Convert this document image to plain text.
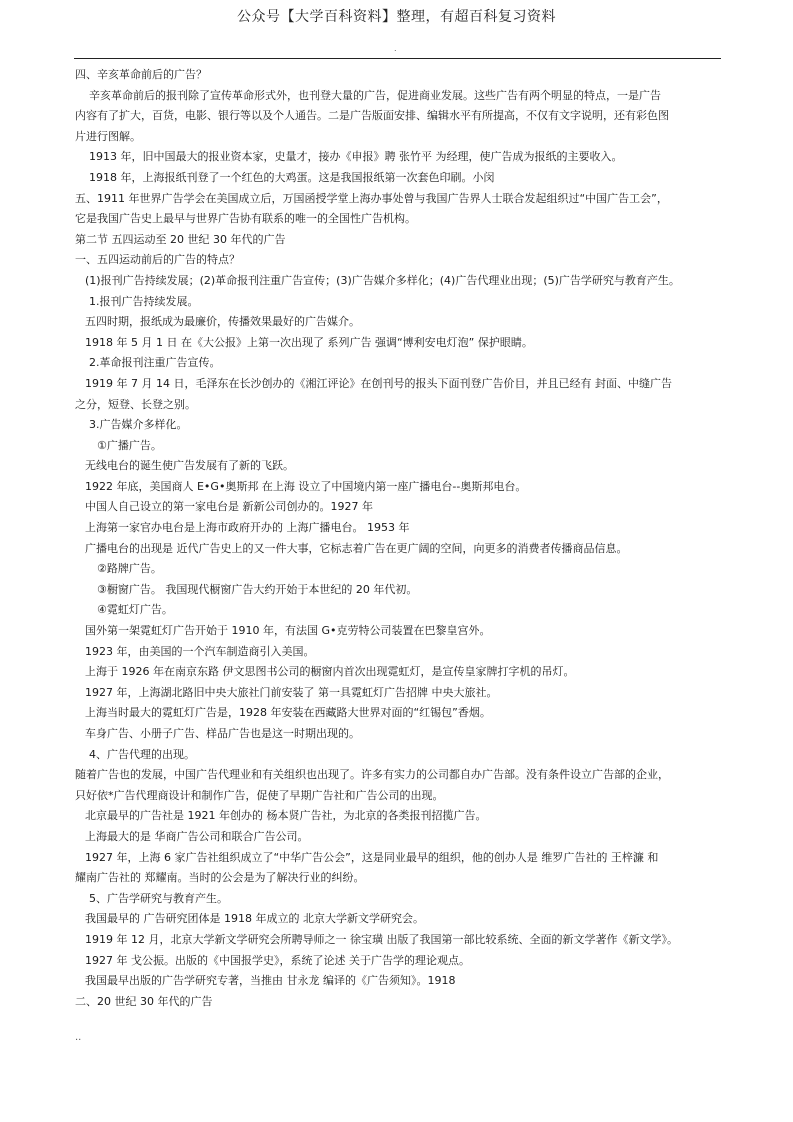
公众号【大学百科资料】整理，有超百科复习资料
.
四、辛亥革命前后的广告？
辛亥革命前后的报刊除了宣传革命形式外，也刊登大量的广告，促进商业发展。这些广告有两个明显的特点，一是广告
内容有了扩大，百货，电影、银行等以及个人通告。二是广告版面安排、编辑水平有所提高，不仅有文字说明，还有彩色图
片进行图解。
1913 年，旧中国最大的报业资本家，史量才，接办《申报》聘 张竹平 为经理，使广告成为报纸的主要收入。
1918 年，上海报纸刊登了一个红色的大鸡蛋。这是我国报纸第一次套色印刷。小闵
五、1911 年世界广告学会在美国成立后，万国函授学堂上海办事处曾与我国广告界人士联合发起组织过“中国广告工会”，
它是我国广告史上最早与世界广告协有联系的唯一的全国性广告机构。
第二节 五四运动至 20 世纪 30 年代的广告
一、五四运动前后的广告的特点？
(1)报刊广告持续发展；(2)革命报刊注重广告宣传；(3)广告媒介多样化；(4)广告代理业出现；(5)广告学研究与教育产生。
1.报刊广告持续发展。
五四时期，报纸成为最廉价，传播效果最好的广告媒介。
1918 年 5 月 1 日 在《大公报》上第一次出现了 系列广告 强调“博利安电灯泡” 保护眼睛。
2.革命报刊注重广告宣传。
1919 年 7 月 14 日，毛泽东在长沙创办的《湘江评论》在创刊号的报头下面刊登广告价目，并且已经有 封面、中缝广告
之分，短登、长登之别。
3.广告媒介多样化。
①广播广告。
无线电台的诞生使广告发展有了新的飞跃。
1922 年底，美国商人 E•G•奥斯邦 在上海 设立了中国境内第一座广播电台--奥斯邦电台。
中国人自己设立的第一家电台是 新新公司创办的。1927 年
上海第一家官办电台是上海市政府开办的 上海广播电台。 1953 年
广播电台的出现是 近代广告史上的又一件大事，它标志着广告在更广阔的空间，向更多的消费者传播商品信息。
②路牌广告。
③橱窗广告。 我国现代橱窗广告大约开始于本世纪的 20 年代初。
④霓虹灯广告。
国外第一架霓虹灯广告开始于 1910 年，有法国 G•克劳特公司装置在巴黎皇宫外。
1923 年，由美国的一个汽车制造商引入美国。
上海于 1926 年在南京东路 伊文思图书公司的橱窗内首次出现霓虹灯，是宣传皇家牌打字机的吊灯。
1927 年，上海湖北路旧中央大旅社门前安装了 第一具霓虹灯广告招牌 中央大旅社。
上海当时最大的霓虹灯广告是，1928 年安装在西藏路大世界对面的“红锡包”香烟。
车身广告、小册子广告、样品广告也是这一时期出现的。
4、广告代理的出现。
随着广告也的发展，中国广告代理业和有关组织也出现了。许多有实力的公司都自办广告部。没有条件设立广告部的企业，
只好依*广告代理商设计和制作广告，促使了早期广告社和广告公司的出现。
北京最早的广告社是 1921 年创办的 杨本贤广告社，为北京的各类报刊招揽广告。
上海最大的是 华商广告公司和联合广告公司。
1927 年，上海 6 家广告社组织成立了“中华广告公会”，这是同业最早的组织，他的创办人是 维罗广告社的 王梓濂 和
耀南广告社的 郑耀南。当时的公会是为了解决行业的纠纷。
5、广告学研究与教育产生。
我国最早的 广告研究团体是 1918 年成立的 北京大学新文学研究会。
1919 年 12 月，北京大学新文学研究会所聘导师之一 徐宝璜 出版了我国第一部比较系统、全面的新文学著作《新文学》。
1927 年 戈公振。出版的《中国报学史》，系统了论述 关于广告学的理论观点。
我国最早出版的广告学研究专著，当推由 甘永龙 编译的《广告须知》。1918
二、20 世纪 30 年代的广告
..
